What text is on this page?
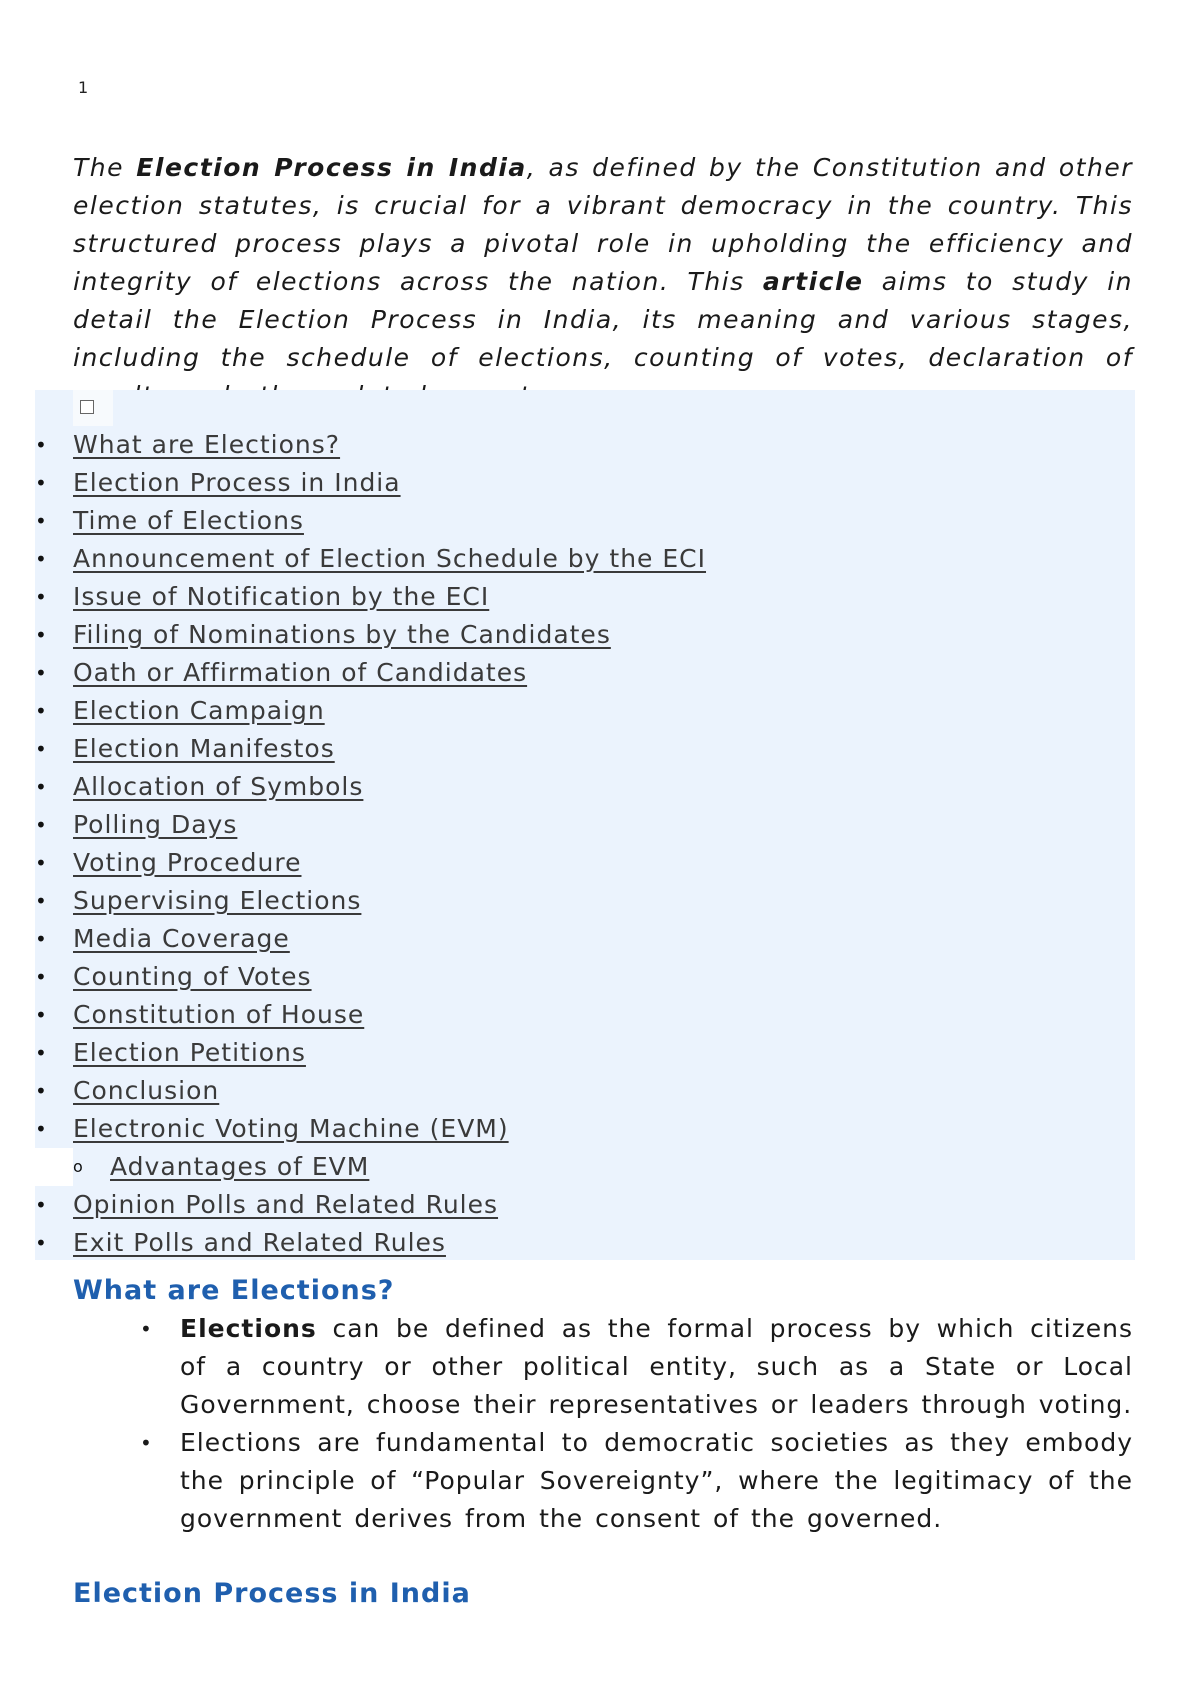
1

The Election Process in India, as defined by the Constitution and other election statutes, is crucial for a vibrant democracy in the country. This structured process plays a pivotal role in upholding the efficiency and integrity of elections across the nation. This article aims to study in detail the Election Process in India, its meaning and various stages, including the schedule of elections, counting of votes, declaration of

• What are Elections?
• Election Process in India
• Time of Elections
• Announcement of Election Schedule by the ECI
• Issue of Notification by the ECI
• Filing of Nominations by the Candidates
• Oath or Affirmation of Candidates
• Election Campaign
• Election Manifestos
• Allocation of Symbols
• Polling Days
• Voting Procedure
• Supervising Elections
• Media Coverage
• Counting of Votes
• Constitution of House
• Election Petitions
• Conclusion
• Electronic Voting Machine (EVM)
o Advantages of EVM
• Opinion Polls and Related Rules
• Exit Polls and Related Rules
What are Elections?
• Elections can be defined as the formal process by which citizens of a country or other political entity, such as a State or Local Government, choose their representatives or leaders through voting.
• Elections are fundamental to democratic societies as they embody the principle of “Popular Sovereignty”, where the legitimacy of the government derives from the consent of the governed.
Election Process in India
